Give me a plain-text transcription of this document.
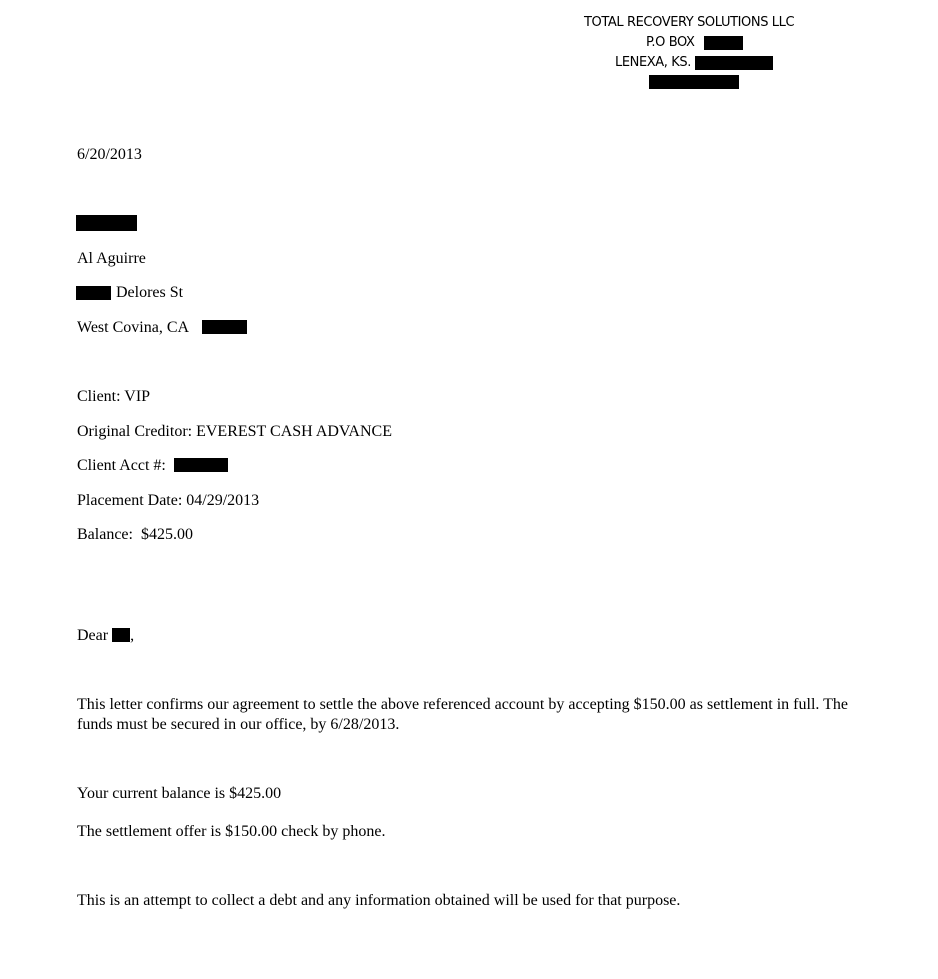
TOTAL RECOVERY SOLUTIONS LLC
P.O BOX
LENEXA, KS.
6/20/2013
Al Aguirre
Delores St
West Covina, CA
Client: VIP
Original Creditor: EVEREST CASH ADVANCE
Client Acct #:
Placement Date: 04/29/2013
Balance:  $425.00
Dear ,
This letter confirms our agreement to settle the above referenced account by accepting $150.00 as settlement in full. The funds must be secured in our office, by 6/28/2013.
Your current balance is $425.00
The settlement offer is $150.00 check by phone.
This is an attempt to collect a debt and any information obtained will be used for that purpose.
